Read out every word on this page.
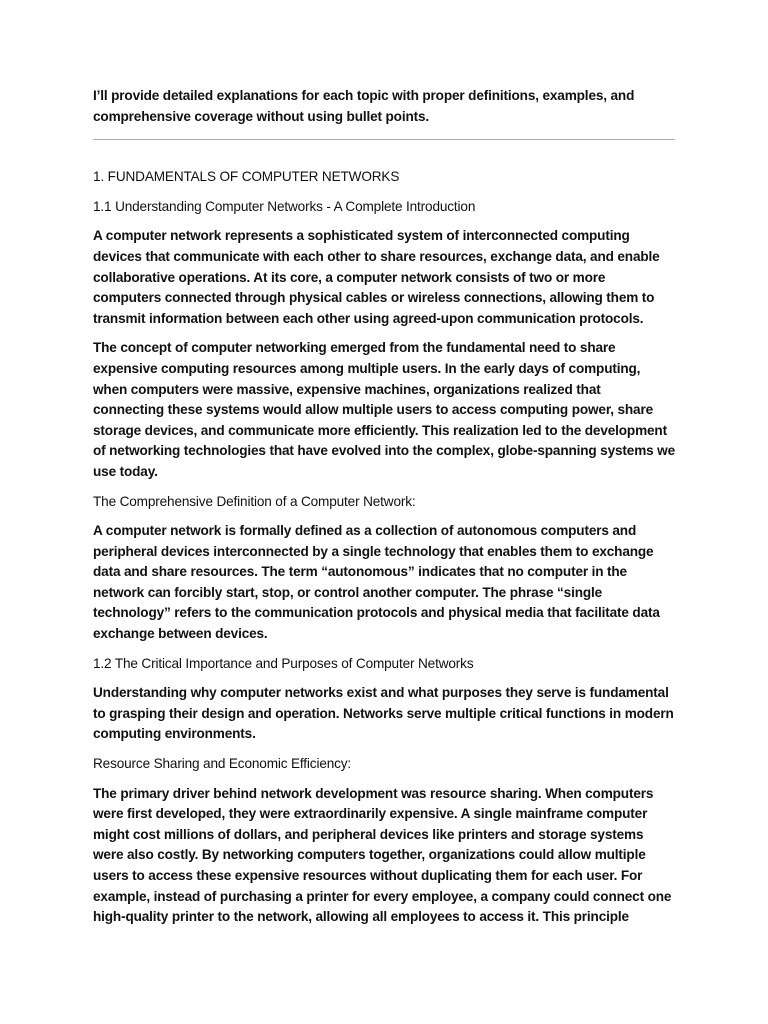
I’ll provide detailed explanations for each topic with proper definitions, examples, and comprehensive coverage without using bullet points.

1. FUNDAMENTALS OF COMPUTER NETWORKS

1.1 Understanding Computer Networks - A Complete Introduction

A computer network represents a sophisticated system of interconnected computing devices that communicate with each other to share resources, exchange data, and enable collaborative operations. At its core, a computer network consists of two or more computers connected through physical cables or wireless connections, allowing them to transmit information between each other using agreed-upon communication protocols.

The concept of computer networking emerged from the fundamental need to share expensive computing resources among multiple users. In the early days of computing, when computers were massive, expensive machines, organizations realized that connecting these systems would allow multiple users to access computing power, share storage devices, and communicate more efficiently. This realization led to the development of networking technologies that have evolved into the complex, globe-spanning systems we use today.

The Comprehensive Definition of a Computer Network:

A computer network is formally defined as a collection of autonomous computers and peripheral devices interconnected by a single technology that enables them to exchange data and share resources. The term “autonomous” indicates that no computer in the network can forcibly start, stop, or control another computer. The phrase “single technology” refers to the communication protocols and physical media that facilitate data exchange between devices.

1.2 The Critical Importance and Purposes of Computer Networks

Understanding why computer networks exist and what purposes they serve is fundamental to grasping their design and operation. Networks serve multiple critical functions in modern computing environments.

Resource Sharing and Economic Efficiency:

The primary driver behind network development was resource sharing. When computers were first developed, they were extraordinarily expensive. A single mainframe computer might cost millions of dollars, and peripheral devices like printers and storage systems were also costly. By networking computers together, organizations could allow multiple users to access these expensive resources without duplicating them for each user. For example, instead of purchasing a printer for every employee, a company could connect one high-quality printer to the network, allowing all employees to access it. This principle
